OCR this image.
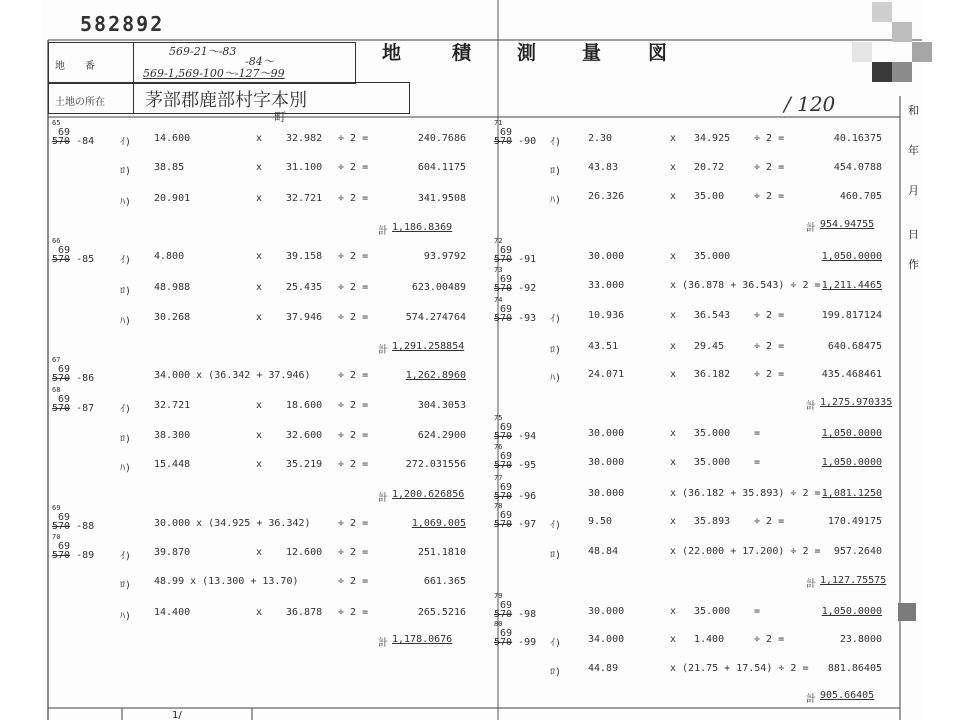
582892
地　　番
569-21～-83
-84～
569-1,569-100～-127～99
土地の所在 茅部郡鹿部村字本別
町
地	積 測 量 図
/ 120	和
年
月
日
作
65
69
570 -84	ｲ) 14.600	x 32.982 ÷ 2 =	240.7686
ﾛ) 38.85	x 31.100 ÷ 2 =	604.1175
ﾊ) 20.901	x 32.721 ÷ 2 =	341.9508
計 1,186.8369
66
69
570 -85	ｲ) 4.800	x 39.158 ÷ 2 =	93.9792
ﾛ) 48.988	x 25.435 ÷ 2 =	623.00489
ﾊ) 30.268	x 37.946 ÷ 2 =	574.274764
計 1,291.258854
67
69
570 -86	34.000 x (36.342 + 37.946)	÷ 2 =	1,262.8960
68
69
570 -87	ｲ) 32.721	x 18.600 ÷ 2 =	304.3053
ﾛ) 38.300	x 32.600 ÷ 2 =	624.2900
ﾊ) 15.448	x 35.219 ÷ 2 =	272.031556
計 1,200.626856
69
69
570 -88	30.000 x (34.925 + 36.342)	÷ 2 =	1,069.005
70
69
570 -89	ｲ) 39.870	x 12.600 ÷ 2 =	251.1810
ﾛ) 48.99 x (13.300 + 13.70)	÷ 2 =	661.365
ﾊ) 14.400	x 36.878 ÷ 2 =	265.5216
計 1,178.0676
71
69
570 -90 ｲ)	2.30	x 34.925 ÷ 2 =	40.16375
ﾛ)	43.83	x 20.72	÷ 2 =	454.0788
ﾊ)	26.326	x 35.00	÷ 2 =	460.705
計 954.94755
72
69
570 -91	30.000	x 35.000	1,050.0000
73
69
570 -92	33.000	x (36.878 + 36.543) ÷ 2 = 1,211.4465
74
69
570 -93 ｲ)	10.936	x 36.543 ÷ 2 =	199.817124
ﾛ)	43.51	x 29.45	÷ 2 =	640.68475
ﾊ)	24.071	x 36.182 ÷ 2 =	435.468461
計 1,275.970335
75
69
570 -94	30.000	x 35.000 =	1,050.0000
76
69
570 -95	30.000	x 35.000 =	1,050.0000
77
69
570 -96	30.000	x (36.182 + 35.893) ÷ 2 = 1,081.1250
78
69
570 -97 ｲ)	9.50	x 35.893 ÷ 2 =	170.49175
ﾛ)	48.84	x (22.000 + 17.200) ÷ 2 =	957.2640
計 1,127.75575
79
69
570 -98	30.000	x 35.000 =	1,050.0000
80
69
570 -99 ｲ)	34.000	x 1.400	÷ 2 =	23.8000
ﾛ)	44.89	x (21.75 + 17.54) ÷ 2 =	881.86405
計 905.66405
1/
